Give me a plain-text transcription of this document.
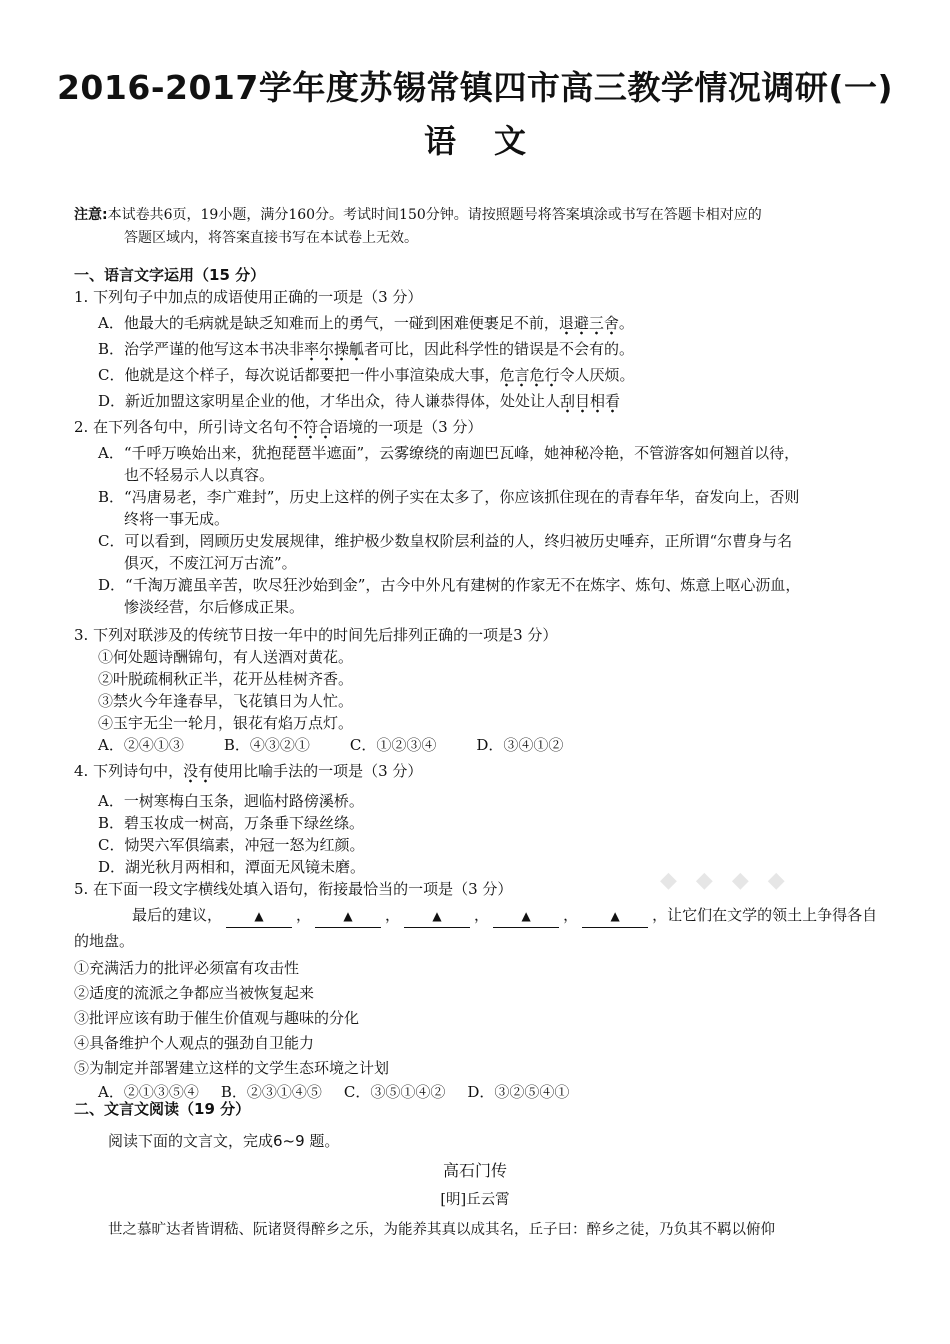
2016-2017学年度苏锡常镇四市高三教学情况调研(一)
语文
注意:本试卷共6页，19小题，满分160分。考试时间150分钟。请按照题号将答案填涂或书写在答题卡相对应的
答题区域内，将答案直接书写在本试卷上无效。
一、语言文字运用（15 分）
1. 下列句子中加点的成语使用正确的一项是（3 分）
A．他最大的毛病就是缺乏知难而上的勇气，一碰到困难便裹足不前，退避三舍。
B．治学严谨的他写这本书决非率尔操觚者可比，因此科学性的错误是不会有的。
C．他就是这个样子，每次说话都要把一件小事渲染成大事，危言危行令人厌烦。
D．新近加盟这家明星企业的他，才华出众，待人谦恭得体，处处让人刮目相看
2. 在下列各句中，所引诗文名句不符合语境的一项是（3 分）
A．“千呼万唤始出来，犹抱琵琶半遮面”，云雾缭绕的南迦巴瓦峰，她神秘冷艳，不管游客如何翘首以待，
也不轻易示人以真容。
B．“冯唐易老，李广难封”，历史上这样的例子实在太多了，你应该抓住现在的青春年华，奋发向上，否则
终将一事无成。
C．可以看到，罔顾历史发展规律，维护极少数皇权阶层利益的人，终归被历史唾弃，正所谓“尔曹身与名
俱灭，不废江河万古流”。
D．“千淘万漉虽辛苦，吹尽狂沙始到金”，古今中外凡有建树的作家无不在炼字、炼句、炼意上呕心沥血，
惨淡经营，尔后修成正果。
3. 下列对联涉及的传统节日按一年中的时间先后排列正确的一项是3 分）
①何处题诗酬锦句，有人送酒对黄花。
②叶脱疏桐秋正半，花开丛桂树齐香。
③禁火今年逢春早，飞花镇日为人忙。
④玉宇无尘一轮月，银花有焰万点灯。
A．②④①③	B．④③②①	C．①②③④	D．③④①②
4. 下列诗句中，没有使用比喻手法的一项是（3 分）
A．一树寒梅白玉条，迥临村路傍溪桥。
B．碧玉妆成一树高，万条垂下绿丝绦。
C．恸哭六军俱缟素，冲冠一怒为红颜。
D．湖光秋月两相和，潭面无风镜未磨。
◆ ◆ ◆ ◆
5. 在下面一段文字横线处填入语句，衔接最恰当的一项是（3 分）
最后的建议，	▲ ，	▲ ，	▲ ，	▲ ，	▲ ，让它们在文学的领土上争得各自
的地盘。
①充满活力的批评必须富有攻击性
②适度的流派之争都应当被恢复起来
③批评应该有助于催生价值观与趣味的分化
④具备维护个人观点的强劲自卫能力
⑤为制定并部署建立这样的文学生态环境之计划
A．②①③⑤④ B．②③①④⑤ C．③⑤①④② D．③②⑤④①
二、文言文阅读（19 分）
阅读下面的文言文，完成6~9 题。
高石门传
[明]丘云霄
世之慕旷达者皆谓嵇、阮诸贤得醉乡之乐，为能养其真以成其名，丘子曰：醉乡之徒，乃负其不羁以俯仰
